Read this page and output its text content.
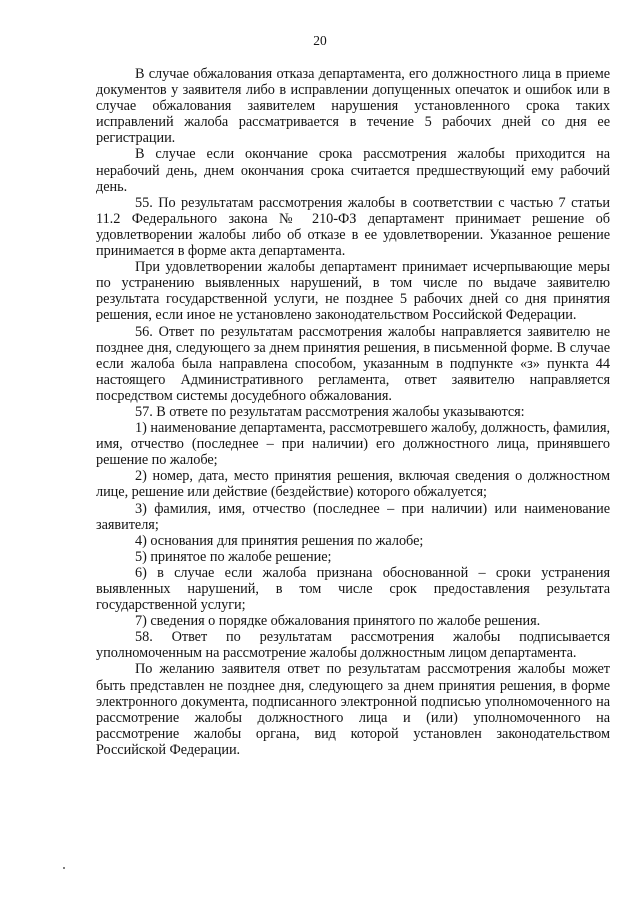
20

В случае обжалования отказа департамента, его должностного лица в приеме документов у заявителя либо в исправлении допущенных опечаток и ошибок или в случае обжалования заявителем нарушения установленного срока таких исправлений жалоба рассматривается в течение 5 рабочих дней со дня ее регистрации.

В случае если окончание срока рассмотрения жалобы приходится на нерабочий день, днем окончания срока считается предшествующий ему рабочий день.

55. По результатам рассмотрения жалобы в соответствии с частью 7 статьи 11.2 Федерального закона № 210-ФЗ департамент принимает решение об удовлетворении жалобы либо об отказе в ее удовлетворении. Указанное решение принимается в форме акта департамента.

При удовлетворении жалобы департамент принимает исчерпывающие меры по устранению выявленных нарушений, в том числе по выдаче заявителю результата государственной услуги, не позднее 5 рабочих дней со дня принятия решения, если иное не установлено законодательством Российской Федерации.

56. Ответ по результатам рассмотрения жалобы направляется заявителю не позднее дня, следующего за днем принятия решения, в письменной форме. В случае если жалоба была направлена способом, указанным в подпункте «з» пункта 44 настоящего Административного регламента, ответ заявителю направляется посредством системы досудебного обжалования.

57. В ответе по результатам рассмотрения жалобы указываются:

1) наименование департамента, рассмотревшего жалобу, должность, фамилия, имя, отчество (последнее – при наличии) его должностного лица, принявшего решение по жалобе;

2) номер, дата, место принятия решения, включая сведения о должностном лице, решение или действие (бездействие) которого обжалуется;

3) фамилия, имя, отчество (последнее – при наличии) или наименование заявителя;

4) основания для принятия решения по жалобе;

5) принятое по жалобе решение;

6) в случае если жалоба признана обоснованной – сроки устранения выявленных нарушений, в том числе срок предоставления результата государственной услуги;

7) сведения о порядке обжалования принятого по жалобе решения.

58. Ответ по результатам рассмотрения жалобы подписывается уполномоченным на рассмотрение жалобы должностным лицом департамента.

По желанию заявителя ответ по результатам рассмотрения жалобы может быть представлен не позднее дня, следующего за днем принятия решения, в форме электронного документа, подписанного электронной подписью уполномоченного на рассмотрение жалобы должностного лица и (или) уполномоченного на рассмотрение жалобы органа, вид которой установлен законодательством Российской Федерации.
